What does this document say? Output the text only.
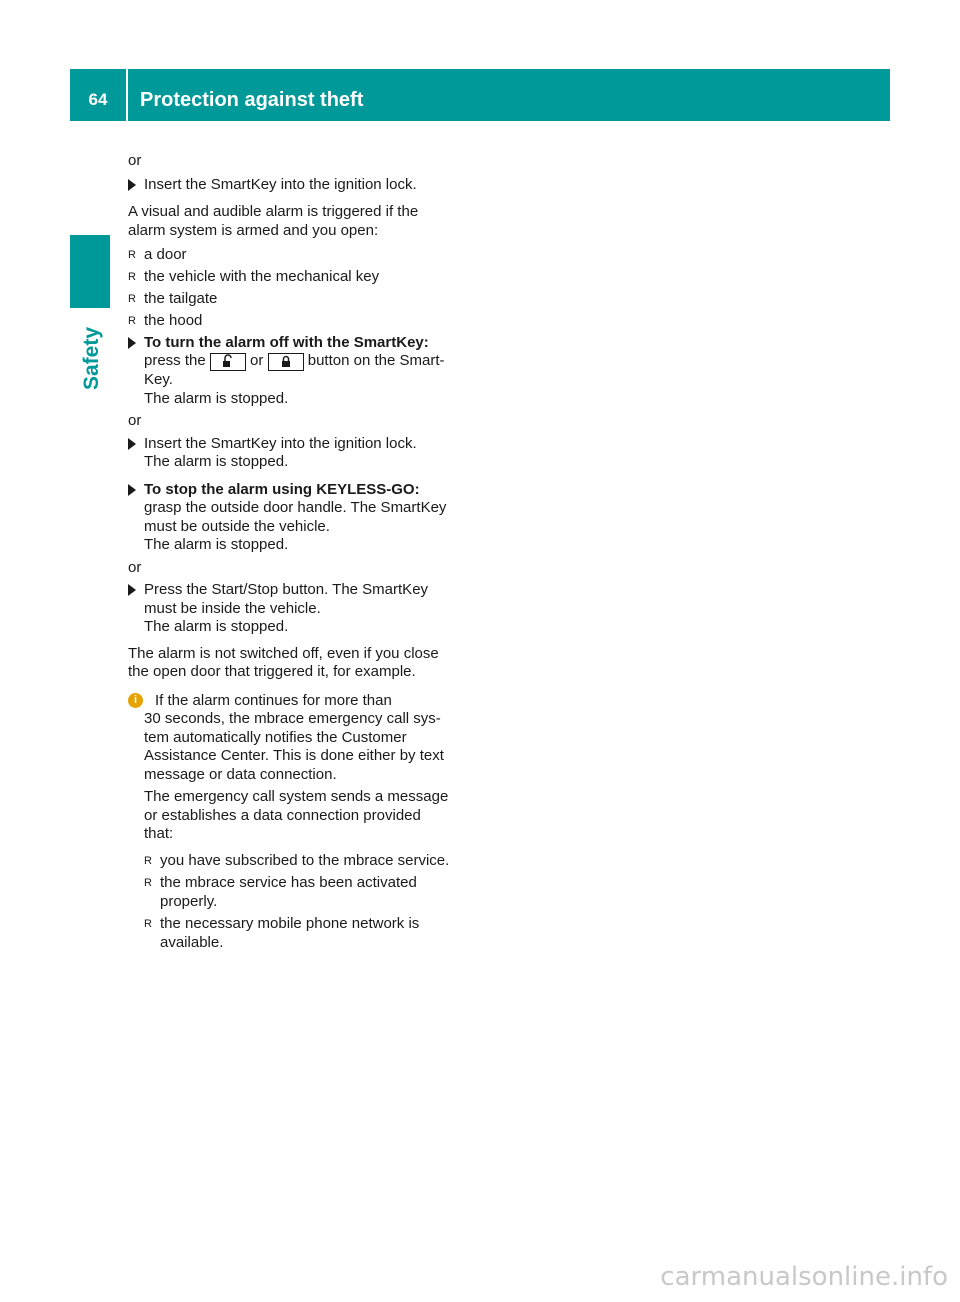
64	Protection against theft
Safety

or

Insert the SmartKey into the ignition lock.

A visual and audible alarm is triggered if the

alarm system is armed and you open:

R a door
R the vehicle with the mechanical key
R the tailgate
R the hood
To turn the alarm off with the SmartKey:
press the	or	button on the Smart-
Key.
The alarm is stopped.

or

Insert the SmartKey into the ignition lock.
The alarm is stopped.
To stop the alarm using KEYLESS-GO:
grasp the outside door handle. The SmartKey
must be outside the vehicle.
The alarm is stopped.

or

Press the Start/Stop button. The SmartKey
must be inside the vehicle.
The alarm is stopped.

The alarm is not switched off, even if you close

the open door that triggered it, for example.

i	If the alarm continues for more than
30 seconds, the mbrace emergency call sys-
tem automatically notifies the Customer
Assistance Center. This is done either by text
message or data connection.
The emergency call system sends a message
or establishes a data connection provided
that:
R you have subscribed to the mbrace service.
R the mbrace service has been activated
properly.
R the necessary mobile phone network is
available.
carmanualsonline.info
